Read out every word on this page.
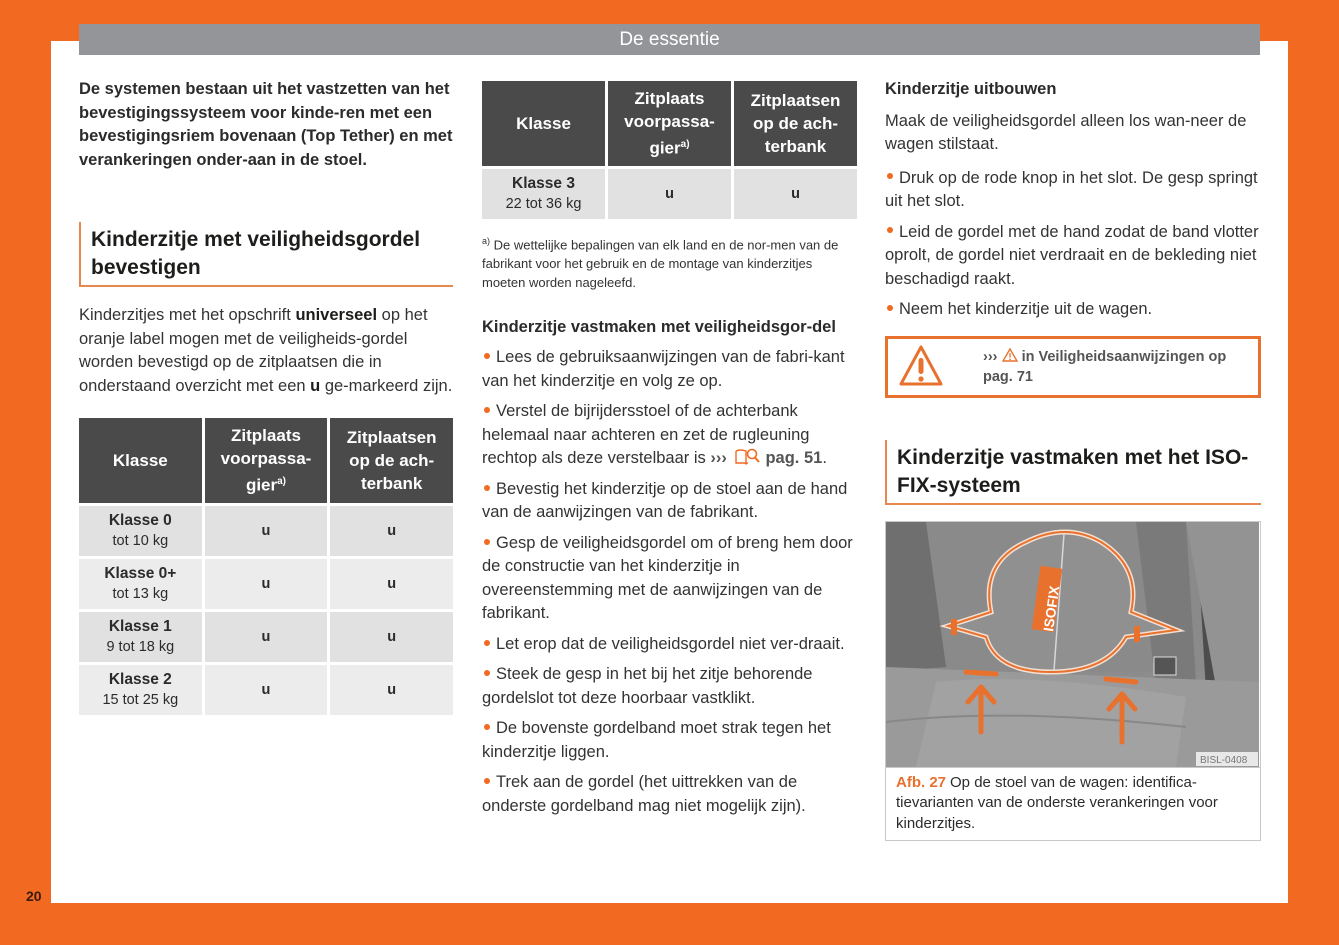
De essentie

De systemen bestaan uit het vastzetten van het bevestigingssysteem voor kinde-ren met een bevestigingsriem bovenaan (Top Tether) en met verankeringen onder-aan in de stoel.

Kinderzitje met veiligheidsgordel bevestigen

Kinderzitjes met het opschrift universeel op het oranje label mogen met de veiligheids-gordel worden bevestigd op de zitplaatsen die in onderstaand overzicht met een u ge-markeerd zijn.

Klasse	Zitplaats voorpassa-gier$^{a)}$	Zitplaatsen op de ach-terbank

Klasse 0
tot 10 kg	u	u

Klasse 0+
tot 13 kg	u	u

Klasse 1
9 tot 18 kg	u	u

Klasse 2
15 tot 25 kg	u	u
Klasse	Zitplaats voorpassa-gier$^{a)}$	Zitplaatsen op de ach-terbank

Klasse 3
22 tot 36 kg	u	u

$^{a)}$ De wettelijke bepalingen van elk land en de nor-men van de fabrikant voor het gebruik en de montage van kinderzitjes moeten worden nageleefd.

Kinderzitje vastmaken met veiligheidsgor-del
Lees de gebruiksaanwijzingen van de fabri-kant van het kinderzitje en volg ze op.
Verstel de bijrijdersstoel of de achterbank helemaal naar achteren en zet de rugleuning rechtop als deze verstelbaar is ››› pag. 51.
Bevestig het kinderzitje op de stoel aan de hand van de aanwijzingen van de fabrikant.
Gesp de veiligheidsgordel om of breng hem door de constructie van het kinderzitje in overeenstemming met de aanwijzingen van de fabrikant.
Let erop dat de veiligheidsgordel niet ver-draait.
Steek de gesp in het bij het zitje behorende gordelslot tot deze hoorbaar vastklikt.
De bovenste gordelband moet strak tegen het kinderzitje liggen.
Trek aan de gordel (het uittrekken van de onderste gordelband mag niet mogelijk zijn).
Kinderzitje uitbouwen

Maak de veiligheidsgordel alleen los wan-neer de wagen stilstaat.

Druk op de rode knop in het slot. De gesp springt uit het slot.
Leid de gordel met de hand zodat de band vlotter oprolt, de gordel niet verdraait en de bekleding niet beschadigd raakt.
Neem het kinderzitje uit de wagen.
››› in Veiligheidsaanwijzingen op pag. 71
Kinderzitje vastmaken met het ISO-FIX-systeem
ISOFIX
BISL-0408
Afb. 27 Op de stoel van de wagen: identifica-tievarianten van de onderste verankeringen voor kinderzitjes.
20
